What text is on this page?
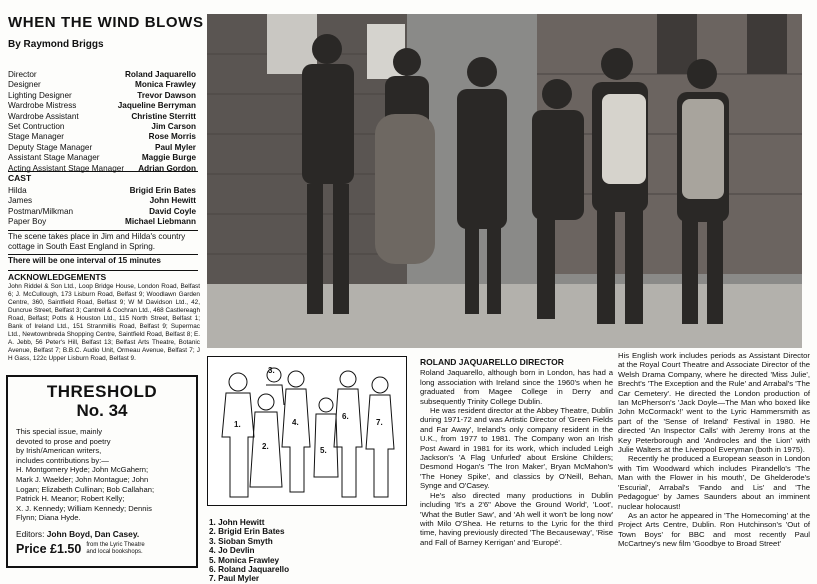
WHEN THE WIND BLOWS
By Raymond Briggs
Director	Roland Jaquarello
Designer	Monica Frawley
Lighting Designer	Trevor Dawson
Wardrobe Mistress	Jaqueline Berryman
Wardrobe Assistant	Christine Sterritt
Set Contruction	Jim Carson
Stage Manager	Rose Morris
Deputy Stage Manager	Paul Myler
Assistant Stage Manager	Maggie Burge
Acting Assistant Stage Manager Adrian Gordon
CAST
Hilda	Brigid Erin Bates
James	John Hewitt
Postman/Milkman	David Coyle
Paper Boy	Michael Liebmann
The scene takes place in Jim and Hilda's country cottage in South East England in Spring.
There will be one interval of 15 minutes
ACKNOWLEDGEMENTS
John Riddel & Son Ltd., Loop Bridge House, London Road, Belfast 6; J. McCullough, 173 Lisburn Road, Belfast 9; Woodlawn Garden Centre, 360, Saintfield Road, Belfast 9; W M Davidson Ltd., 42, Duncrue Street, Belfast 3; Cantrell & Cochran Ltd., 468 Castlereagh Road, Belfast; Potts & Houston Ltd., 115 North Street, Belfast 1; Bank of Ireland Ltd., 151 Stranmillis Road, Belfast 9; Supermac Ltd., Newtownbreda Shopping Centre, Saintfield Road, Belfast 8; E. A. Jebb, 56 Peter's Hill, Belfast 13; Belfast Arts Theatre, Botanic Avenue, Belfast 7; B.B.C. Audio Unit, Ormeau Avenue, Belfast 7; J H Gass, 122c Upper Lisburn Road, Belfast 9.
THRESHOLD
No. 34
This special issue, mainly
devoted to prose and poetry
by Irish/American writers,
includes contributions by:—
H. Montgomery Hyde; John McGahern;
Mark J. Waelder; John Montague; John
Logan; Elizabeth Cullinan; Bob Callahan;
Patrick H. Meanor; Robert Kelly;
X. J. Kennedy; William Kennedy; Dennis
Flynn; Diana Hyde.
Editors: John Boyd, Dan Casey.
Price £1.50 from the Lyric Theatre
and local bookshops.
1.
2.
3.
4.
5.
6.
7.
1. John Hewitt
2. Brigid Erin Bates
3. Sioban Smyth
4. Jo Devlin
5. Monica Frawley
6. Roland Jaquarello
7. Paul Myler
ROLAND JAQUARELLO DIRECTOR

Roland Jaquarello, although born in London, has had a long association with Ireland since the 1960's when he graduated from Magee College in Derry and subsequently Trinity College Dublin.

He was resident director at the Abbey Theatre, Dublin during 1971-72 and was Artistic Director of 'Green Fields and Far Away', Ireland's only company resident in the U.K., from 1977 to 1981. The Company won an Irish Post Award in 1981 for its work, which included Leigh Jackson's 'A Flag Unfurled' about Erskine Childers; Desmond Hogan's 'The Iron Maker', Bryan McMahon's 'The Honey Spike', and classics by O'Neill, Behan, Synge and O'Casey.

He's also directed many productions in Dublin including 'It's a 2'6" Above the Ground World', 'Loot', 'What the Butler Saw', and 'Ah well it won't be long now' with Milo O'Shea. He returns to the Lyric for the third time, having previously directed 'The Becauseway', 'Rise and Fall of Barney Kerrigan' and 'Europé'.

His English work includes periods as Assistant Director at the Royal Court Theatre and Associate Director of the Welsh Drama Company, where he directed 'Miss Julie', Brecht's 'The Exception and the Rule' and Arrabal's 'The Car Cemetery'. He directed the London production of Ian McPherson's 'Jack Doyle—The Man who boxed like John McCormack!' went to the Lyric Hammersmith as part of the 'Sense of Ireland' Festival in 1980. He directed 'An Inspector Calls' with Jeremy Irons at the Key Peterborough and 'Androcles and the Lion' with Julie Walters at the Liverpool Everyman (both in 1975).

Recently he produced a European season in London with Tim Woodward which includes Pirandello's 'The Man with the Flower in his mouth', De Ghelderode's 'Escurial', Arrabal's 'Fando and Lis' and 'The Pedagogue' by James Saunders about an imminent nuclear holocaust!

As an actor he appeared in 'The Homecoming' at the Project Arts Centre, Dublin. Ron Hutchinson's 'Out of Town Boys' for BBC and most recently Paul McCartney's new film 'Goodbye to Broad Street'
